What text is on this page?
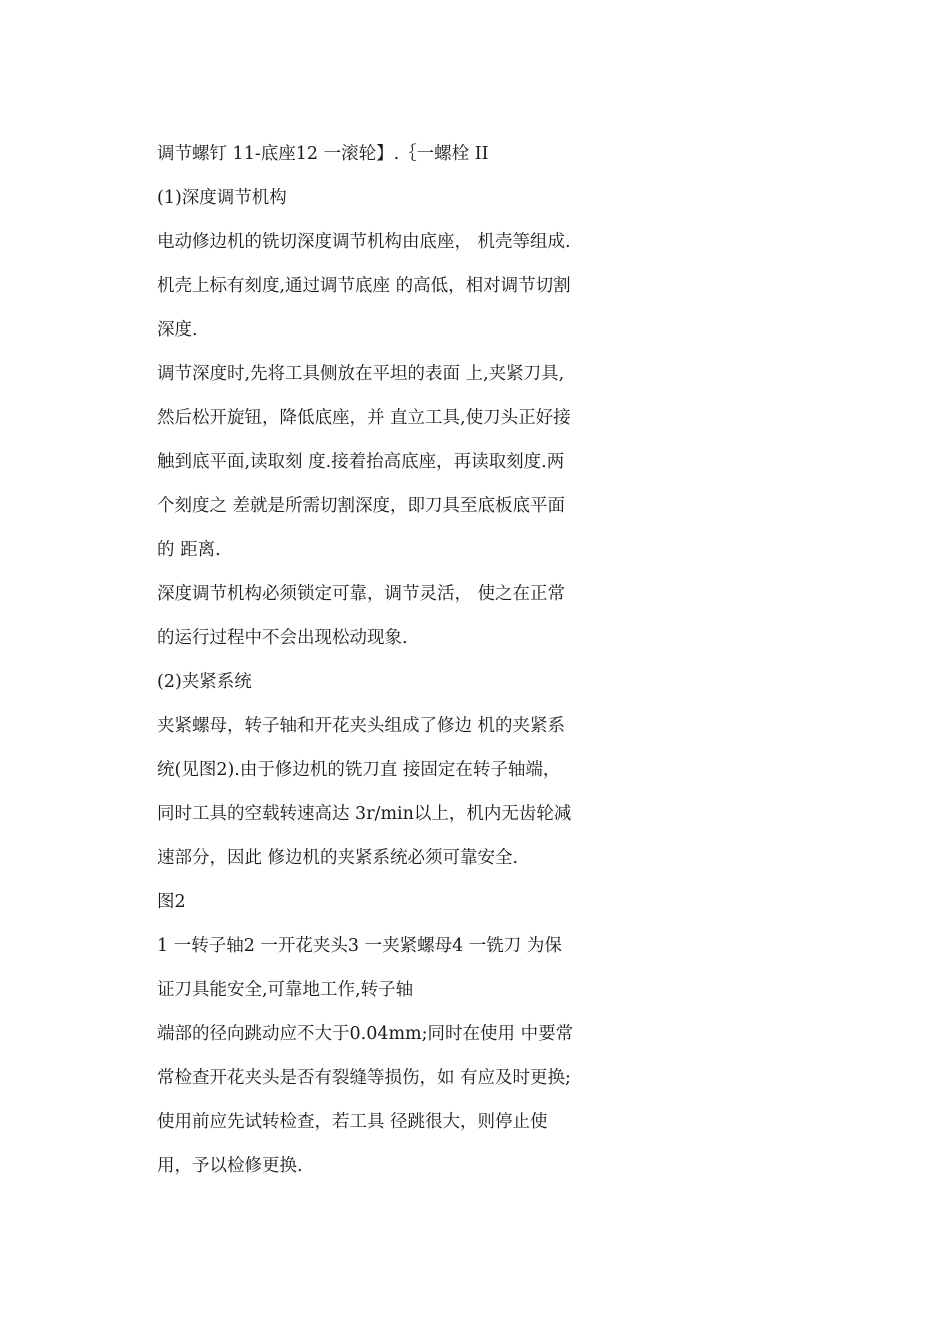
调节螺钉 11-底座12 一滚轮】.｛一螺栓 II
(1)深度调节机构
电动修边机的铣切深度调节机构由底座， 机壳等组成.
机壳上标有刻度,通过调节底座 的高低，相对调节切割
深度.
调节深度时,先将工具侧放在平坦的表面 上,夹紧刀具,
然后松开旋钮，降低底座，并 直立工具,使刀头正好接
触到底平面,读取刻 度.接着抬高底座，再读取刻度.两
个刻度之 差就是所需切割深度，即刀具至底板底平面
的 距离.
深度调节机构必须锁定可靠，调节灵活， 使之在正常
的运行过程中不会出现松动现象.
(2)夹紧系统
夹紧螺母，转子轴和开花夹头组成了修边 机的夹紧系
统(见图2).由于修边机的铣刀直 接固定在转子轴端，
同时工具的空载转速高达 3r/min以上，机内无齿轮减
速部分，因此 修边机的夹紧系统必须可靠安全.
图2
1 一转子轴2 一开花夹头3 一夹紧螺母4 一铣刀 为保
证刀具能安全,可靠地工作,转子轴
端部的径向跳动应不大于0.04mm;同时在使用 中要常
常检查开花夹头是否有裂缝等损伤，如 有应及时更换;
使用前应先试转检查，若工具 径跳很大，则停止使
用，予以检修更换.
